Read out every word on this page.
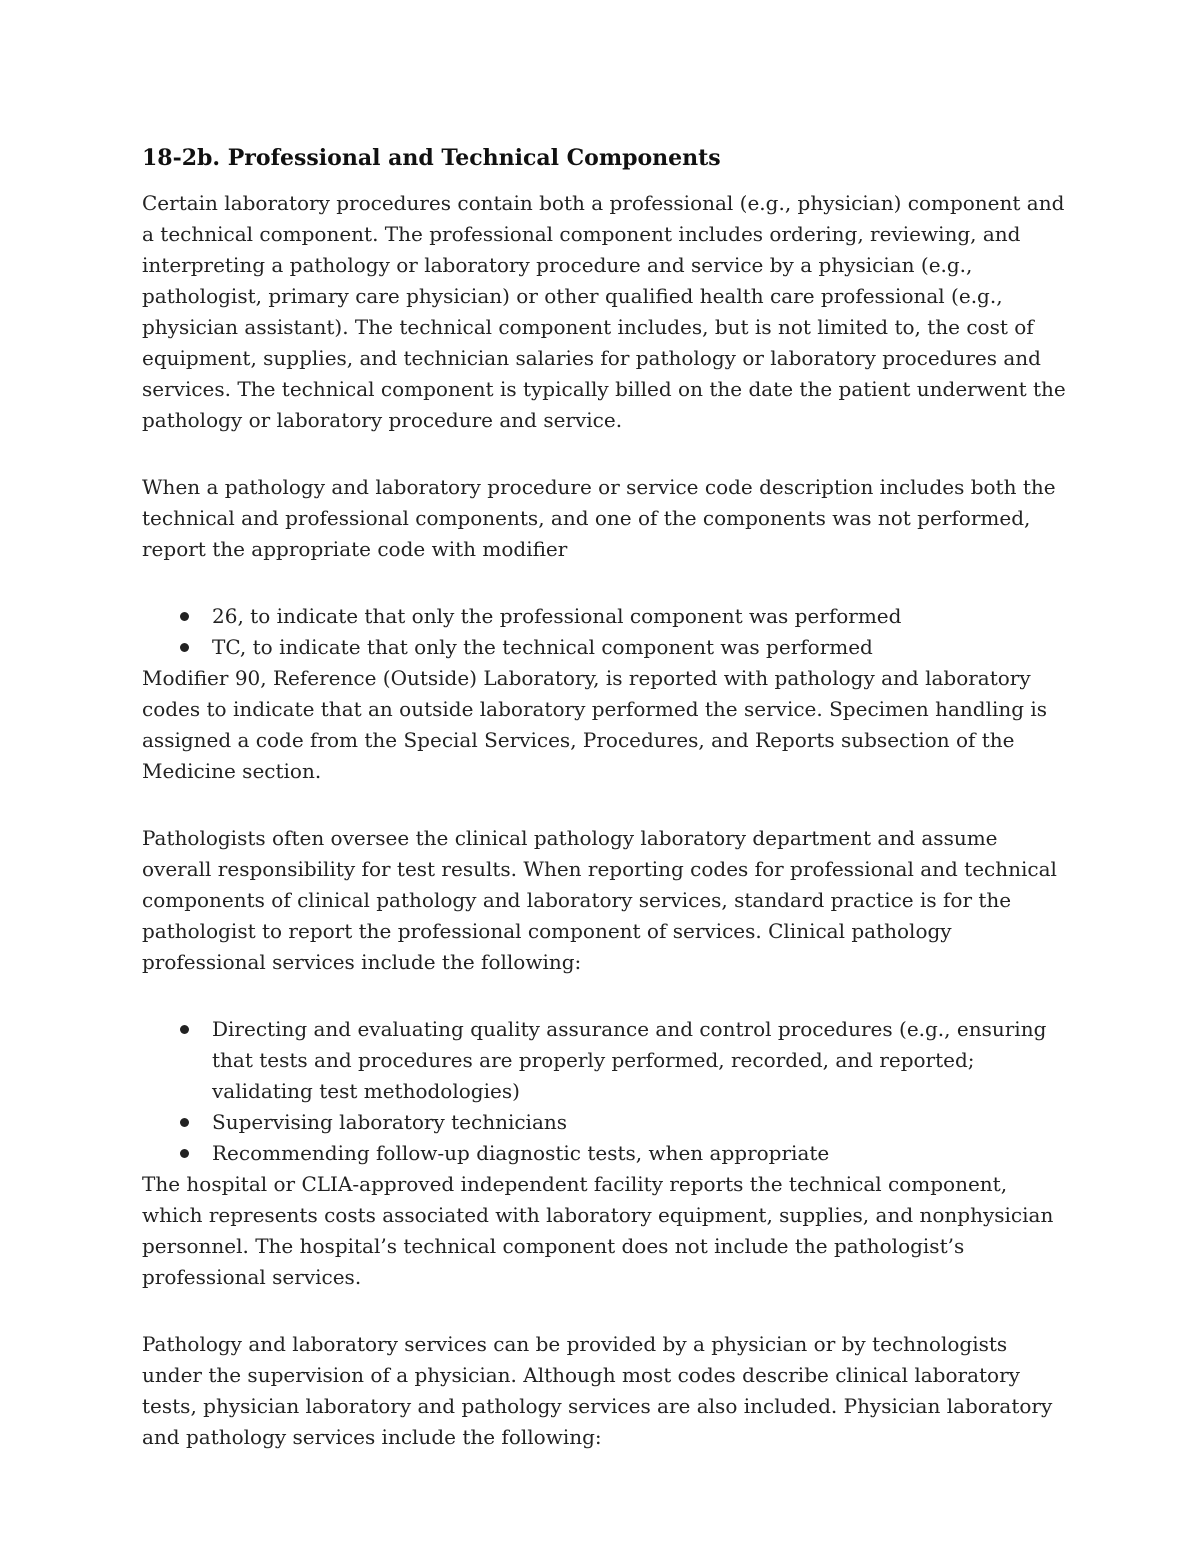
18-2b. Professional and Technical Components

Certain laboratory procedures contain both a professional (e.g., physician) component and a technical component. The professional component includes ordering, reviewing, and interpreting a pathology or laboratory procedure and service by a physician (e.g., pathologist, primary care physician) or other qualified health care professional (e.g., physician assistant). The technical component includes, but is not limited to, the cost of equipment, supplies, and technician salaries for pathology or laboratory procedures and services. The technical component is typically billed on the date the patient underwent the pathology or laboratory procedure and service.

When a pathology and laboratory procedure or service code description includes both the technical and professional components, and one of the components was not performed, report the appropriate code with modifier

26, to indicate that only the professional component was performed
TC, to indicate that only the technical component was performed

Modifier 90, Reference (Outside) Laboratory, is reported with pathology and laboratory codes to indicate that an outside laboratory performed the service. Specimen handling is assigned a code from the Special Services, Procedures, and Reports subsection of the Medicine section.

Pathologists often oversee the clinical pathology laboratory department and assume overall responsibility for test results. When reporting codes for professional and technical components of clinical pathology and laboratory services, standard practice is for the pathologist to report the professional component of services. Clinical pathology professional services include the following:

Directing and evaluating quality assurance and control procedures (e.g., ensuring that tests and procedures are properly performed, recorded, and reported; validating test methodologies)
Supervising laboratory technicians
Recommending follow-up diagnostic tests, when appropriate

The hospital or CLIA-approved independent facility reports the technical component, which represents costs associated with laboratory equipment, supplies, and nonphysician personnel. The hospital’s technical component does not include the pathologist’s professional services.

Pathology and laboratory services can be provided by a physician or by technologists under the supervision of a physician. Although most codes describe clinical laboratory tests, physician laboratory and pathology services are also included. Physician laboratory and pathology services include the following:
